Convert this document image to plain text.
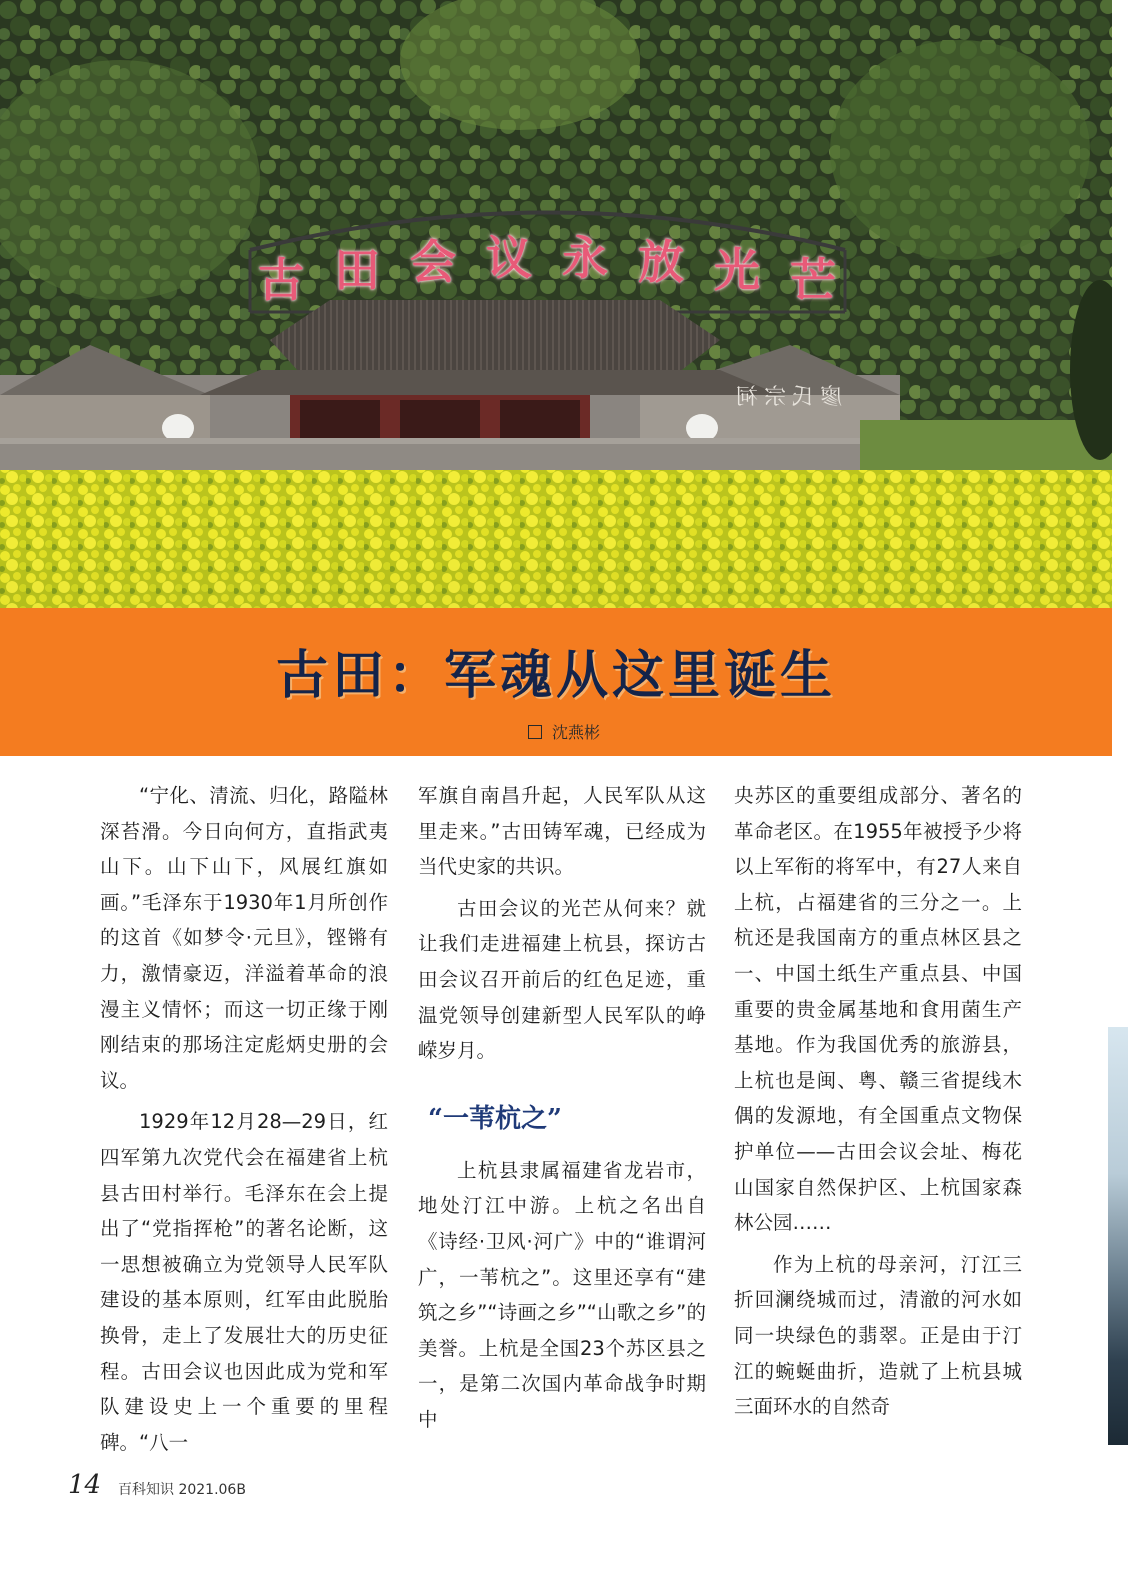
古 田 会 议 永 放 光 芒
廖氏宗祠
古田：军魂从这里诞生
沈燕彬

“宁化、清流、归化，路隘林深苔滑。今日向何方，直指武夷山下。山下山下，风展红旗如画。”毛泽东于1930年1月所创作的这首《如梦令·元旦》，铿锵有力，激情豪迈，洋溢着革命的浪漫主义情怀；而这一切正缘于刚刚结束的那场注定彪炳史册的会议。

1929年12月28—29日，红四军第九次党代会在福建省上杭县古田村举行。毛泽东在会上提出了“党指挥枪”的著名论断，这一思想被确立为党领导人民军队建设的基本原则，红军由此脱胎换骨，走上了发展壮大的历史征程。古田会议也因此成为党和军队建设史上一个重要的里程碑。“八一

军旗自南昌升起，人民军队从这里走来。”古田铸军魂，已经成为当代史家的共识。

古田会议的光芒从何来？就让我们走进福建上杭县，探访古田会议召开前后的红色足迹，重温党领导创建新型人民军队的峥嵘岁月。

“一苇杭之”

上杭县隶属福建省龙岩市，地处汀江中游。上杭之名出自《诗经·卫风·河广》中的“谁谓河广，一苇杭之”。这里还享有“建筑之乡”“诗画之乡”“山歌之乡”的美誉。上杭是全国23个苏区县之一，是第二次国内革命战争时期中

央苏区的重要组成部分、著名的革命老区。在1955年被授予少将以上军衔的将军中，有27人来自上杭，占福建省的三分之一。上杭还是我国南方的重点林区县之一、中国土纸生产重点县、中国重要的贵金属基地和食用菌生产基地。作为我国优秀的旅游县，上杭也是闽、粤、赣三省提线木偶的发源地，有全国重点文物保护单位——古田会议会址、梅花山国家自然保护区、上杭国家森林公园……

作为上杭的母亲河，汀江三折回澜绕城而过，清澈的河水如同一块绿色的翡翠。正是由于汀江的蜿蜒曲折，造就了上杭县城三面环水的自然奇

14 百科知识 2021.06B
